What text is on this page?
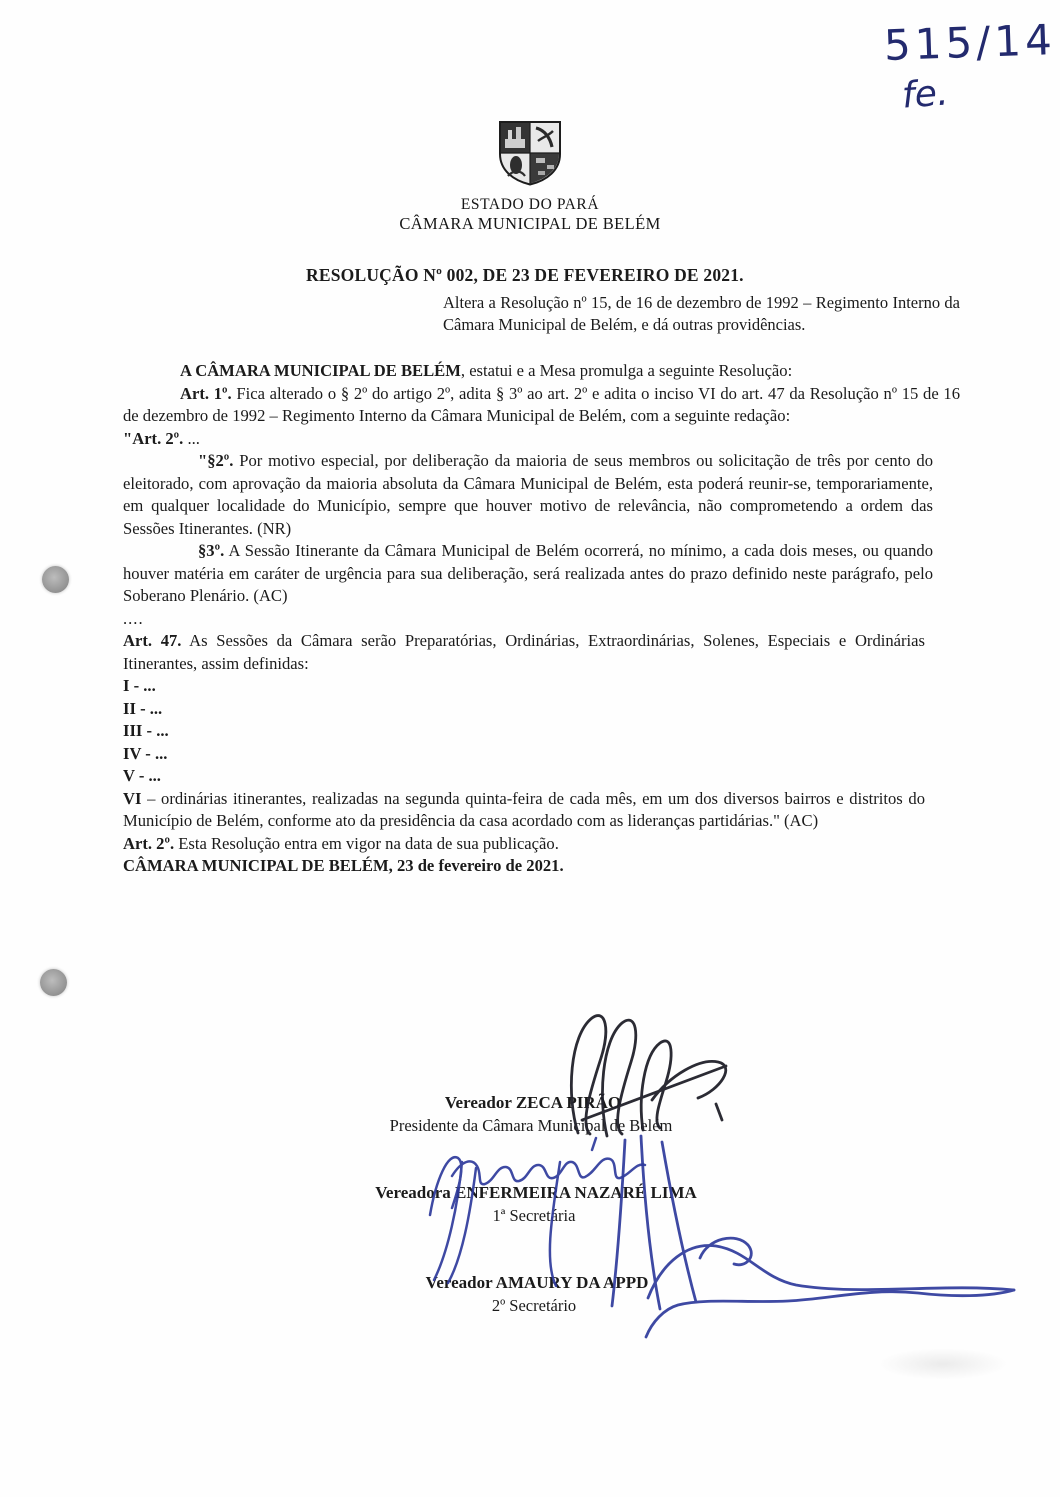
515/14
fe.
ESTADO DO PARÁ
CÂMARA MUNICIPAL DE BELÉM
RESOLUÇÃO Nº 002, DE 23 DE FEVEREIRO DE 2021.
Altera a Resolução nº 15, de 16 de dezembro de 1992 – Regimento Interno da Câmara Municipal de Belém, e dá outras providências.

A CÂMARA MUNICIPAL DE BELÉM, estatui e a Mesa promulga a seguinte Resolução:

Art. 1º. Fica alterado o § 2º do artigo 2º, adita § 3º ao art. 2º e adita o inciso VI do art. 47 da Resolução nº 15 de 16 de dezembro de 1992 – Regimento Interno da Câmara Municipal de Belém, com a seguinte redação:

"Art. 2º. ...

"§2º. Por motivo especial, por deliberação da maioria de seus membros ou solicitação de três por cento do eleitorado, com aprovação da maioria absoluta da Câmara Municipal de Belém, esta poderá reunir-se, temporariamente, em qualquer localidade do Município, sempre que houver motivo de relevância, não comprometendo a ordem das Sessões Itinerantes. (NR)

§3º. A Sessão Itinerante da Câmara Municipal de Belém ocorrerá, no mínimo, a cada dois meses, ou quando houver matéria em caráter de urgência para sua deliberação, será realizada antes do prazo definido neste parágrafo, pelo Soberano Plenário. (AC)

....

Art. 47. As Sessões da Câmara serão Preparatórias, Ordinárias, Extraordinárias, Solenes, Especiais e Ordinárias Itinerantes, assim definidas:

I - ...

II - ...

III - ...

IV - ...

V - ...

VI – ordinárias itinerantes, realizadas na segunda quinta-feira de cada mês, em um dos diversos bairros e distritos do Município de Belém, conforme ato da presidência da casa acordado com as lideranças partidárias." (AC)

Art. 2º. Esta Resolução entra em vigor na data de sua publicação.

CÂMARA MUNICIPAL DE BELÉM, 23 de fevereiro de 2021.

Vereador ZECA PIRÃO
Presidente da Câmara Municipal de Belém
Vereadora ENFERMEIRA NAZARÉ LIMA
1ª Secretária
Vereador AMAURY DA APPD
2º Secretário
